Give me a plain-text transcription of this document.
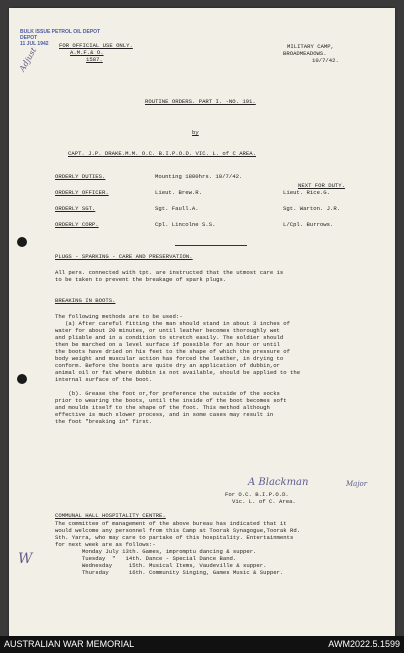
BULK ISSUE PETROL OIL DEPOT
DEPOT
11 JUL 1942
Adjust
FOR OFFICIAL USE ONLY.
A.M.F.& O.
1587.
MILITARY CAMP,
BROADMEADOWS.
10/7/42.
ROUTINE ORDERS. PART I. -NO. 191.
by
CAPT. J.P. DRAKE.M.M. O.C. B.I.P.O.D. VIC. L. of C AREA.
ORDERLY DUTIES.	Mounting 1800hrs. 10/7/42.
NEXT FOR DUTY.
ORDERLY OFFICER.	Lieut. Brew.R.	Lieut. Rice.G.
ORDERLY SGT.	Sgt. Faull.A.	Sgt. Warton. J.R.
ORDERLY CORP.	Cpl. Lincolne S.S.	L/Cpl. Burrows.
PLUGS - SPARKING - CARE AND PRESERVATION.
All pers. connected with tpt. are instructed that the utmost care is
to be taken to prevent the breakage of spark plugs.
BREAKING IN BOOTS.
The following methods are to be used:-
(a) After careful fitting the man should stand in about 3 inches of
water for about 20 minutes, or until leather becomes thoroughly wet
and pliable and in a condition to stretch easily. The soldier should
then be marched on a level surface if possible for an hour or until
the boots have dried on his feet to the shape of which the pressure of
body weight and muscular action has forced the leather, in drying to
conform. Before the boots are quite dry an application of dubbin,or
animal oil or fat where dubbin is not available, should be applied to the
internal surface of the boot.
(b). Grease the foot or,for preference the outside of the socks
prior to wearing the boots, until the inside of the boot becomes soft
and moulds itself to the shape of the foot. This method although
effective is much slower process, and in some cases may result in
the foot "breaking in" first.
A Blackman	Major
For O.C. B.I.P.O.D.
Vic. L. of C. Area.
COMMUNAL HALL HOSPITALITY CENTRE.
The committee of management of the above bureau has indicated that it
would welcome any personnel from this Camp at Toorak Synagogue,Toorak Rd.
Sth. Yarra, who may care to partake of this hospitality. Entertainments
for next week are as follows:-
Monday July 13th. Games, impromptu dancing & supper.
Tuesday  "   14th. Dance - Special Dance Band.
Wednesday     15th. Musical Items, Vaudeville & supper.
Thursday      16th. Community Singing, Games Music & Supper.
W
AUSTRALIAN WAR MEMORIAL	AWM2022.5.1599
